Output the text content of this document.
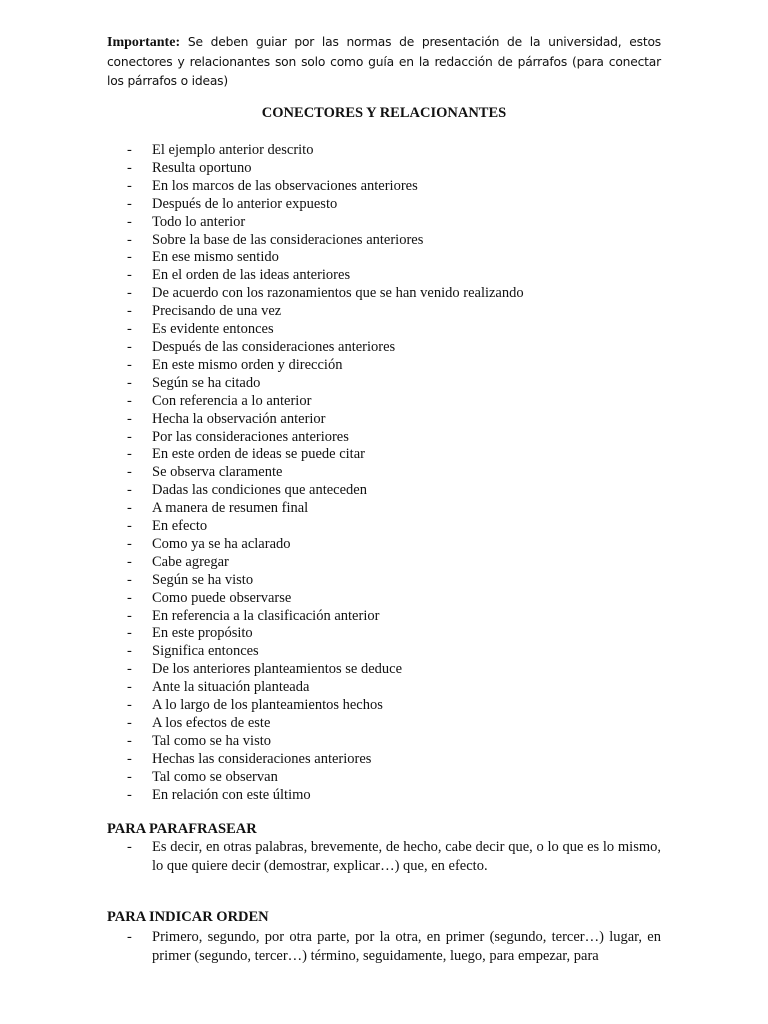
Importante: Se deben guiar por las normas de presentación de la universidad, estos conectores y relacionantes son solo como guía en la redacción de párrafos (para conectar los párrafos o ideas)

CONECTORES Y RELACIONANTES
- El ejemplo anterior descrito
- Resulta oportuno
- En los marcos de las observaciones anteriores
- Después de lo anterior expuesto
- Todo lo anterior
- Sobre la base de las consideraciones anteriores
- En ese mismo sentido
- En el orden de las ideas anteriores
- De acuerdo con los razonamientos que se han venido realizando
- Precisando de una vez
- Es evidente entonces
- Después de las consideraciones anteriores
- En este mismo orden y dirección
- Según se ha citado
- Con referencia a lo anterior
- Hecha la observación anterior
- Por las consideraciones anteriores
- En este orden de ideas se puede citar
- Se observa claramente
- Dadas las condiciones que anteceden
- A manera de resumen final
- En efecto
- Como ya se ha aclarado
- Cabe agregar
- Según se ha visto
- Como puede observarse
- En referencia a la clasificación anterior
- En este propósito
- Significa entonces
- De los anteriores planteamientos se deduce
- Ante la situación planteada
- A lo largo de los planteamientos hechos
- A los efectos de este
- Tal como se ha visto
- Hechas las consideraciones anteriores
- Tal como se observan
- En relación con este último
PARA PARAFRASEAR
- Es decir, en otras palabras, brevemente, de hecho, cabe decir que, o lo que es lo mismo, lo que quiere decir (demostrar, explicar…) que, en efecto.
PARA INDICAR ORDEN
- Primero, segundo, por otra parte, por la otra, en primer (segundo, tercer…) lugar, en primer (segundo, tercer…) término, seguidamente, luego, para empezar, para
